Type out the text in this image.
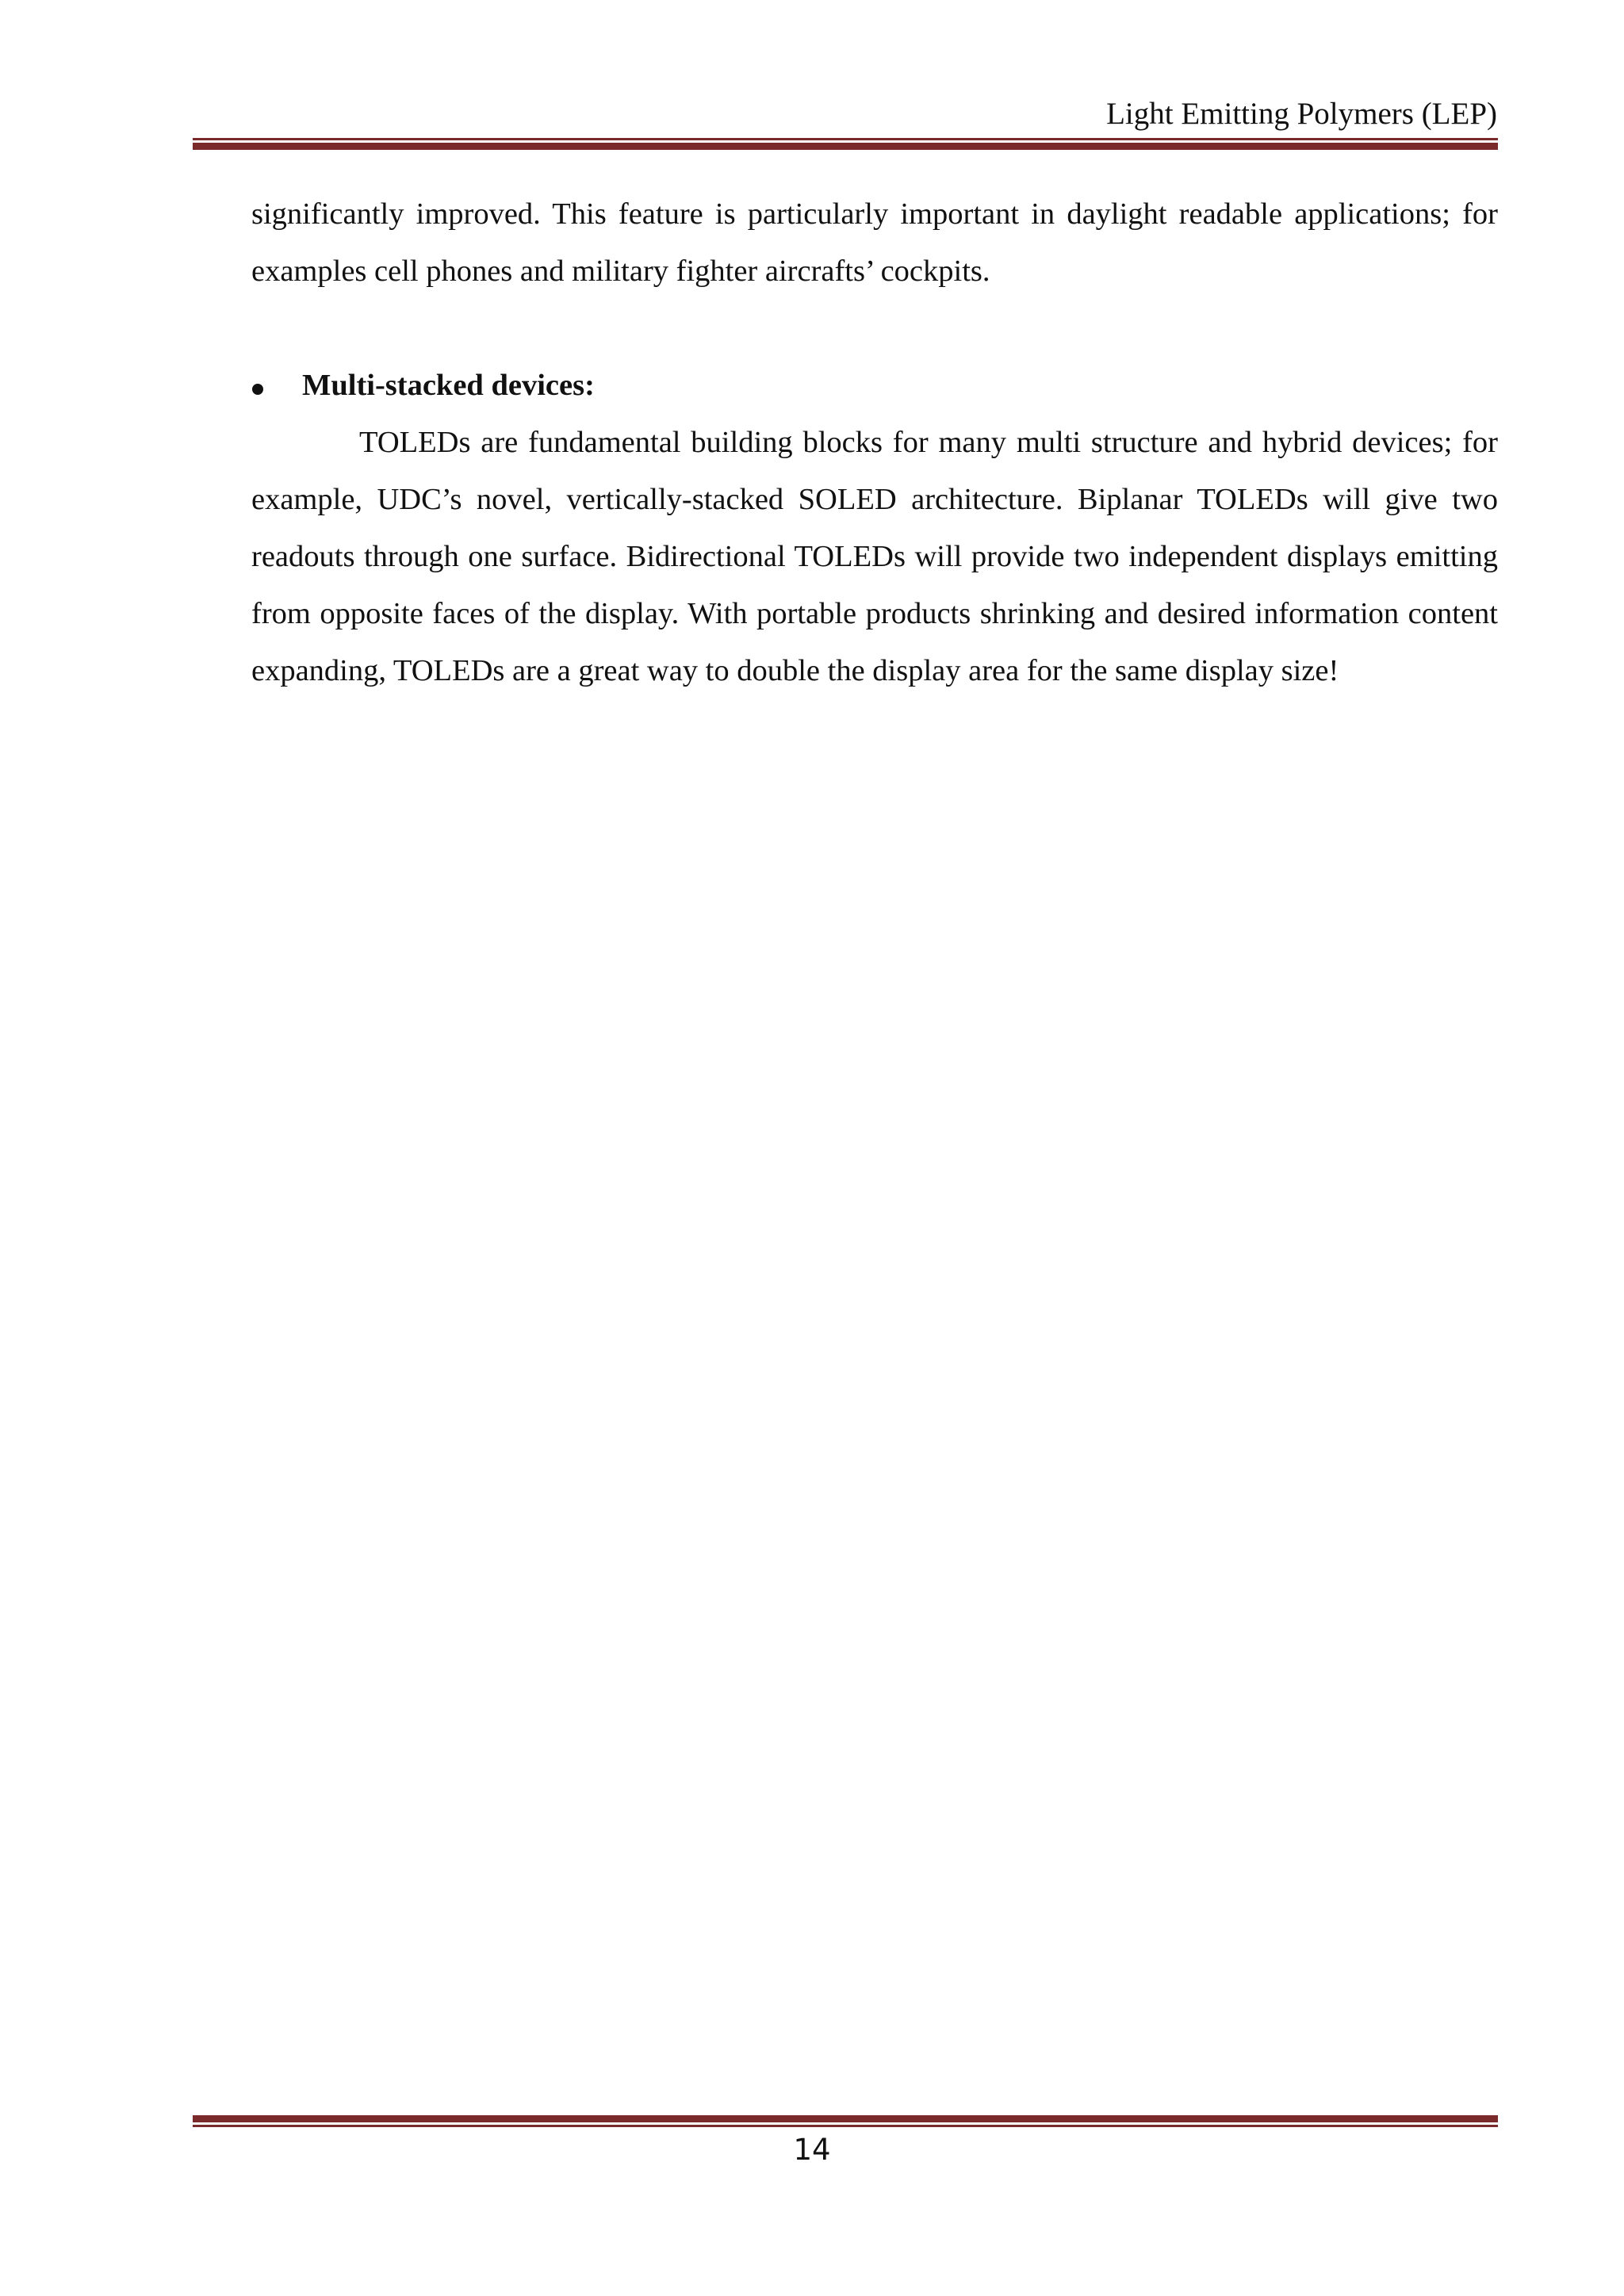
Light Emitting Polymers (LEP)

significantly improved. This feature is particularly important in daylight readable applications; for examples cell phones and military fighter aircrafts’ cockpits.

Multi-stacked devices:

TOLEDs are fundamental building blocks for many multi structure and hybrid devices; for example, UDC’s novel, vertically-stacked SOLED architecture. Biplanar TOLEDs will give two readouts through one surface. Bidirectional TOLEDs will provide two independent displays emitting from opposite faces of the display. With portable products shrinking and desired information content expanding, TOLEDs are a great way to double the display area for the same display size!

14
